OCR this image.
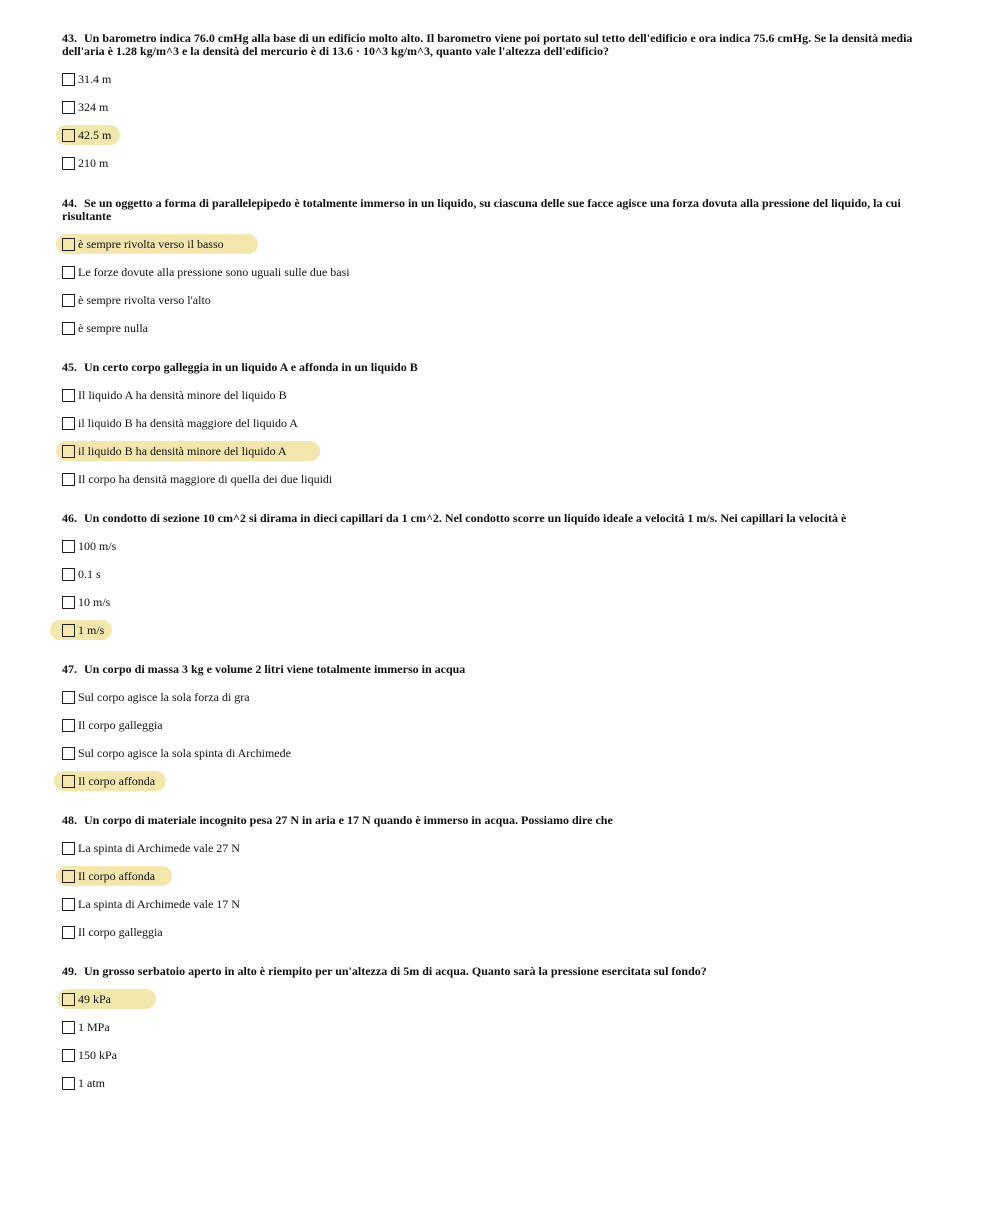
43. Un barometro indica 76.0 cmHg alla base di un edificio molto alto. Il barometro viene poi portato sul tetto dell'edificio e ora indica 75.6 cmHg. Se la densità media dell'aria è 1.28 kg/m^3 e la densità del mercurio è di 13.6 · 10^3 kg/m^3, quanto vale l'altezza dell'edificio?
31.4 m
324 m
42.5 m
210 m
44. Se un oggetto a forma di parallelepipedo è totalmente immerso in un liquido, su ciascuna delle sue facce agisce una forza dovuta alla pressione del liquido, la cui risultante
è sempre rivolta verso il basso
Le forze dovute alla pressione sono uguali sulle due basi
è sempre rivolta verso l'alto
è sempre nulla
45. Un certo corpo galleggia in un liquido A e affonda in un liquido B
Il liquido A ha densità minore del liquido B
il liquido B ha densità maggiore del liquido A
il liquido B ha densità minore del liquido A
Il corpo ha densità maggiore di quella dei due liquidi
46. Un condotto di sezione 10 cm^2 si dirama in dieci capillari da 1 cm^2. Nel condotto scorre un liquido ideale a velocità 1 m/s. Nei capillari la velocità è
100 m/s
0.1 s
10 m/s
1 m/s
47. Un corpo di massa 3 kg e volume 2 litri viene totalmente immerso in acqua
Sul corpo agisce la sola forza di gra
Il corpo galleggia
Sul corpo agisce la sola spinta di Archimede
Il corpo affonda
48. Un corpo di materiale incognito pesa 27 N in aria e 17 N quando è immerso in acqua. Possiamo dire che
La spinta di Archimede vale 27 N
Il corpo affonda
La spinta di Archimede vale 17 N
Il corpo galleggia
49. Un grosso serbatoio aperto in alto è riempito per un'altezza di 5m di acqua. Quanto sarà la pressione esercitata sul fondo?
49 kPa
1 MPa
150 kPa
1 atm
